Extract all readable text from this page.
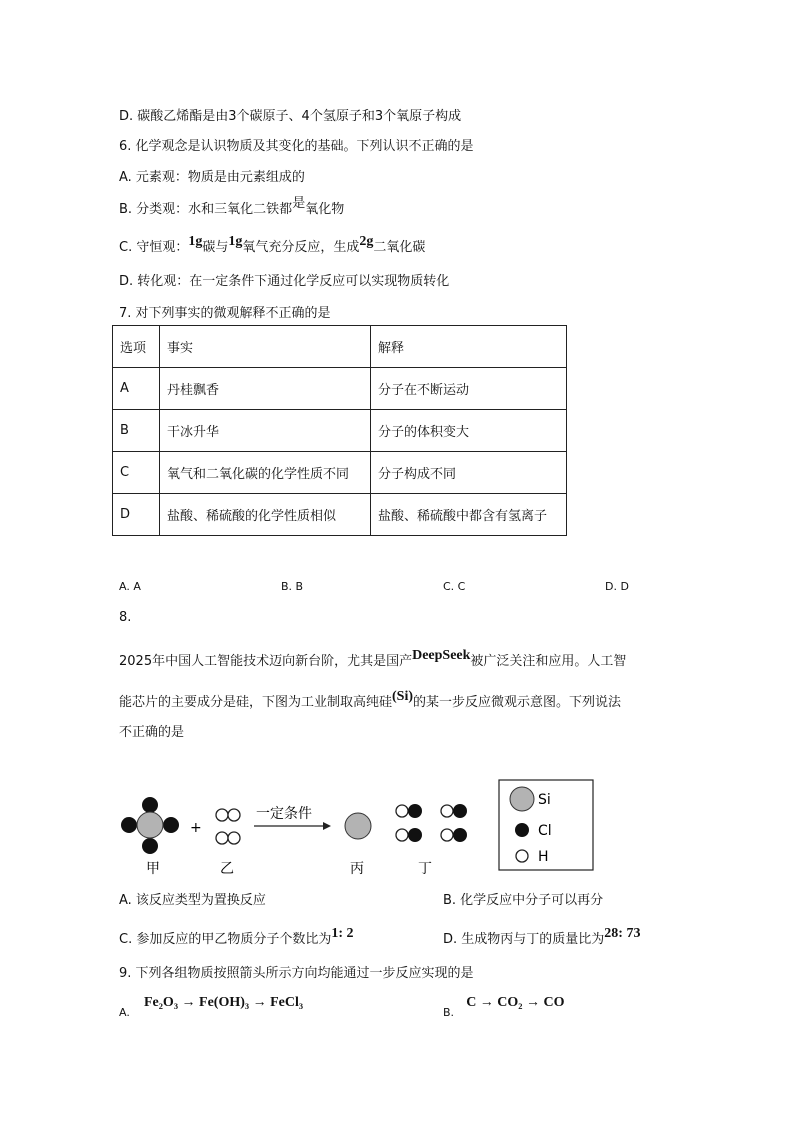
D. 碳酸乙烯酯是由3个碳原子、4个氢原子和3个氧原子构成
6. 化学观念是认识物质及其变化的基础。下列认识不正确的是
A. 元素观：物质是由元素组成的
B. 分类观：水和三氧化二铁都是氧化物
C. 守恒观：1g碳与1g氧气充分反应，生成2g二氧化碳
D. 转化观：在一定条件下通过化学反应可以实现物质转化
7. 对下列事实的微观解释不正确的是
选项	事实	解释
A	丹桂飘香	分子在不断运动
B	干冰升华	分子的体积变大
C	氧气和二氧化碳的化学性质不同	分子构成不同
D	盐酸、稀硫酸的化学性质相似	盐酸、稀硫酸中都含有氢离子
A. A	B. B	C. C	D. D
8.
2025年中国人工智能技术迈向新台阶，尤其是国产DeepSeek被广泛关注和应用。人工智
能芯片的主要成分是硅，下图为工业制取高纯硅(Si)的某一步反应微观示意图。下列说法
不正确的是
甲
+
乙
一定条件
丙	丁
Si
Cl
H
A. 该反应类型为置换反应	B. 化学反应中分子可以再分
C. 参加反应的甲乙物质分子个数比为1: 2	D. 生成物丙与丁的质量比为28: 73
9. 下列各组物质按照箭头所示方向均能通过一步反应实现的是
$_{A.}$ Fe₂O₃ → Fe(OH)₃ → FeCl₃
$_{B.}$ C → CO₂ → CO
